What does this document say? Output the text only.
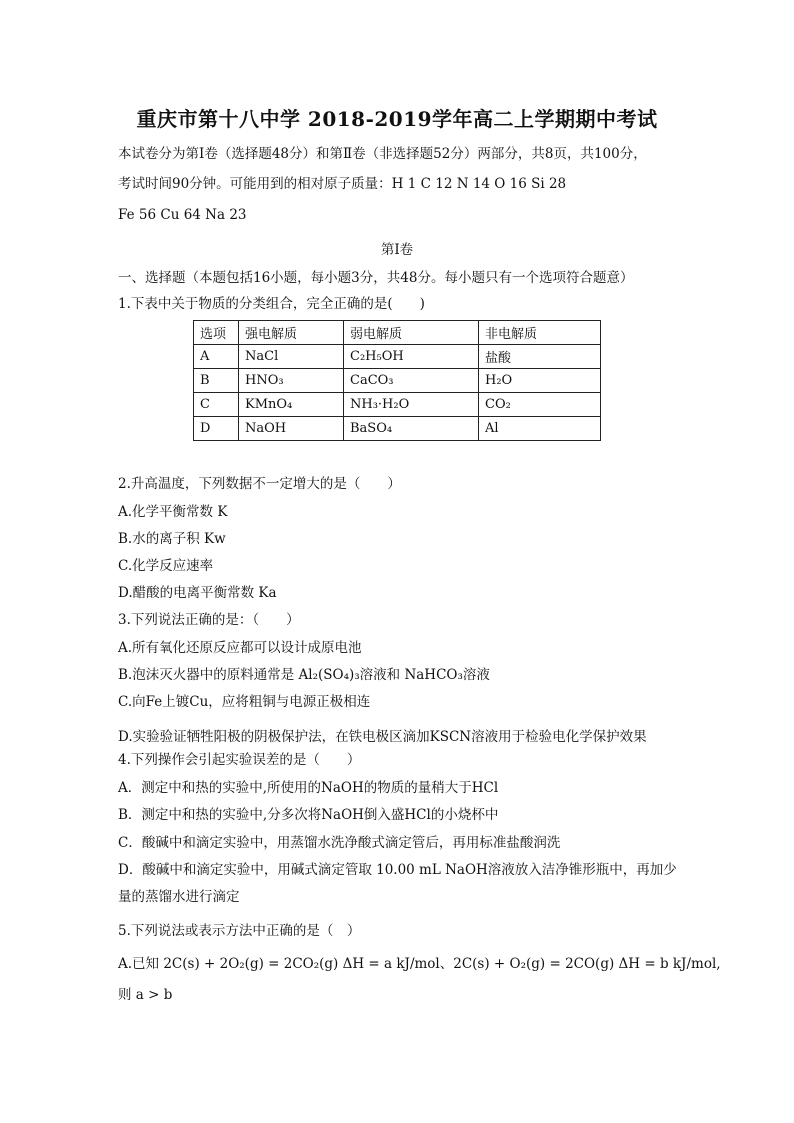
重庆市第十八中学 2018-2019学年高二上学期期中考试
本试卷分为第Ⅰ卷（选择题48分）和第Ⅱ卷（非选择题52分）两部分，共8页，共100分，
考试时间90分钟。可能用到的相对原子质量：H 1 C 12 N 14 O 16 Si 28
Fe 56 Cu 64 Na 23
第Ⅰ卷
一、选择题（本题包括16小题，每小题3分，共48分。每小题只有一个选项符合题意）
1.下表中关于物质的分类组合，完全正确的是(　　)
选项	强电解质	弱电解质	非电解质
A	NaCl	C₂H₅OH	盐酸
B	HNO₃	CaCO₃	H₂O
C	KMnO₄	NH₃·H₂O	CO₂
D	NaOH	BaSO₄	Al
2.升高温度，下列数据不一定增大的是（　　）
A.化学平衡常数 K
B.水的离子积 Kw
C.化学反应速率
D.醋酸的电离平衡常数 Ka
3.下列说法正确的是：（　　）
A.所有氧化还原反应都可以设计成原电池
B.泡沫灭火器中的原料通常是 Al₂(SO₄)₃溶液和 NaHCO₃溶液
C.向Fe上镀Cu，应将粗铜与电源正极相连
D.实验验证牺牲阳极的阴极保护法，在铁电极区滴加KSCN溶液用于检验电化学保护效果
4.下列操作会引起实验误差的是（　　）
A．测定中和热的实验中,所使用的NaOH的物质的量稍大于HCl
B．测定中和热的实验中,分多次将NaOH倒入盛HCl的小烧杯中
C．酸碱中和滴定实验中，用蒸馏水洗净酸式滴定管后，再用标准盐酸润洗
D．酸碱中和滴定实验中，用碱式滴定管取 10.00 mL NaOH溶液放入洁净锥形瓶中，再加少
量的蒸馏水进行滴定
5.下列说法或表示方法中正确的是（　）
A.已知 2C(s) + 2O₂(g) = 2CO₂(g) ΔH = a kJ/mol、2C(s) + O₂(g) = 2CO(g) ΔH = b kJ/mol,
则 a > b
